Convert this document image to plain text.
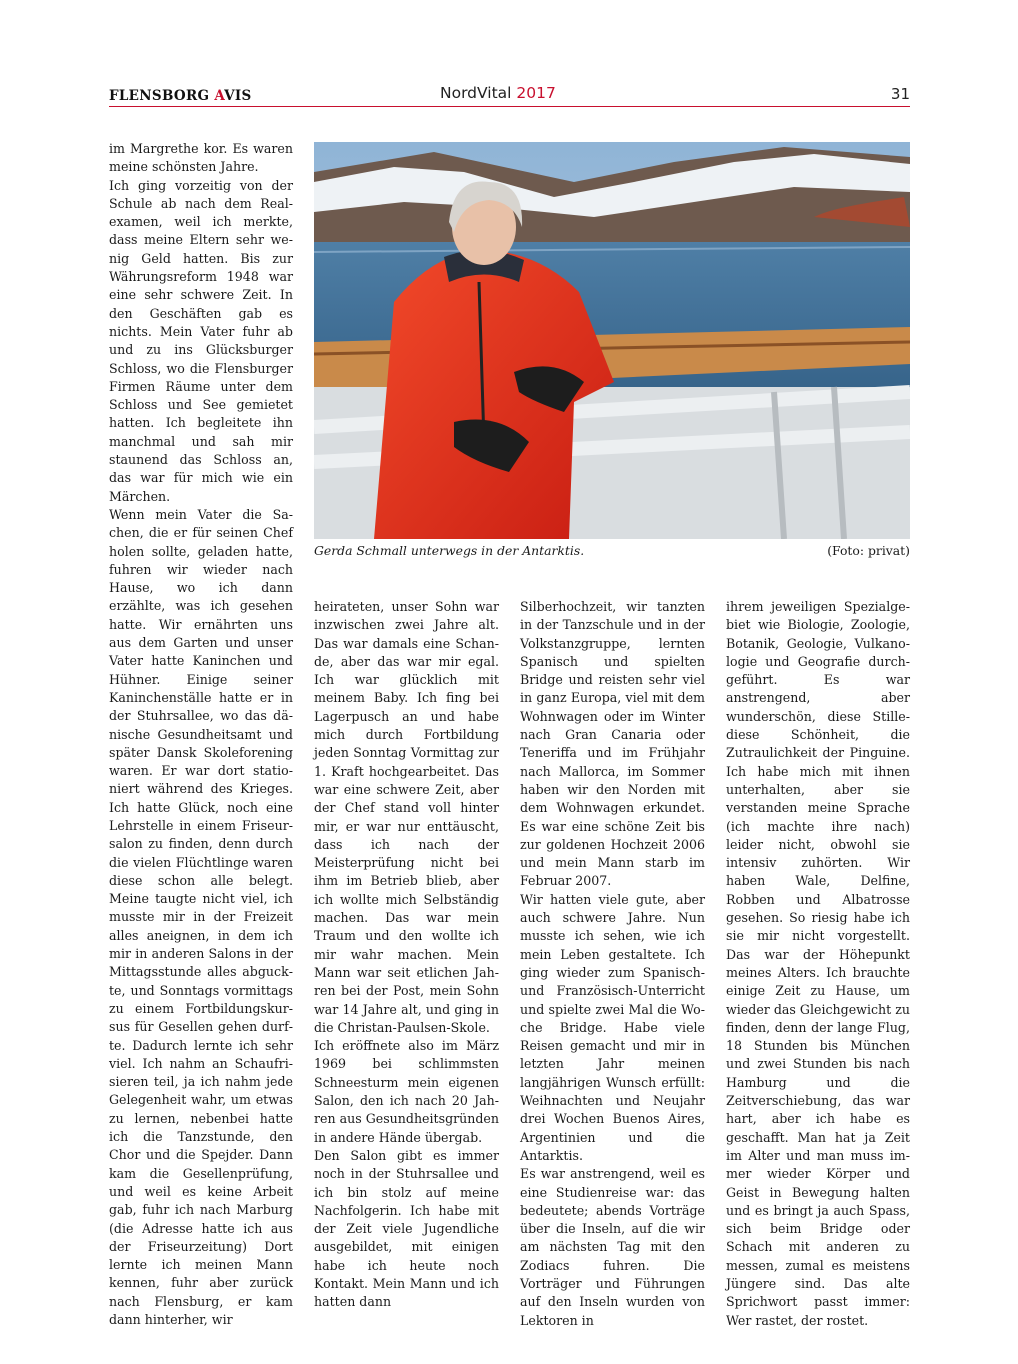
FLENSBORG AVIS	NordVital 2017	31

im Margrethe kor. Es waren meine schönsten Jahre.

Ich ging vorzeitig von der Schule ab nach dem Realexamen, weil ich merkte, dass meine Eltern sehr wenig Geld hatten. Bis zur Währungsreform 1948 war eine sehr schwere Zeit. In den Geschäften gab es nichts. Mein Vater fuhr ab und zu ins Glücksburger Schloss, wo die Flensburger Firmen Räume unter dem Schloss und See gemietet hatten. Ich begleitete ihn manchmal und sah mir staunend das Schloss an, das war für mich wie ein Märchen.

Wenn mein Vater die Sachen, die er für seinen Chef holen sollte, geladen hatte, fuhren wir wieder nach Hause, wo ich dann erzählte, was ich gesehen hatte. Wir ernährten uns aus dem Garten und unser Vater hatte Kaninchen und Hühner. Einige seiner Kaninchenställe hatte er in der Stuhrsallee, wo das dänische Gesundheitsamt und später Dansk Skoleforening waren. Er war dort stationiert während des Krieges. Ich hatte Glück, noch eine Lehrstelle in einem Friseursalon zu finden, denn durch die vielen Flüchtlinge waren diese schon alle belegt. Meine taugte nicht viel, ich musste mir in der Freizeit alles aneignen, in dem ich mir in anderen Salons in der Mittagsstunde alles abguckte, und Sonntags vormittags zu einem Fortbildungskursus für Gesellen gehen durfte. Dadurch lernte ich sehr viel. Ich nahm an Schaufrisieren teil, ja ich nahm jede Gelegenheit wahr, um etwas zu lernen, nebenbei hatte ich die Tanzstunde, den Chor und die Spejder. Dann kam die Gesellenprüfung, und weil es keine Arbeit gab, fuhr ich nach Marburg (die Adresse hatte ich aus der Friseurzeitung) Dort lernte ich meinen Mann kennen, fuhr aber zurück nach Flensburg, er kam dann hinterher, wir

Gerda Schmall unterwegs in der Antarktis.	(Foto: privat)

heirateten, unser Sohn war inzwischen zwei Jahre alt. Das war damals eine Schande, aber das war mir egal. Ich war glücklich mit meinem Baby. Ich fing bei Lagerpusch an und habe mich durch Fortbildung jeden Sonntag Vormittag zur 1. Kraft hochgearbeitet. Das war eine schwere Zeit, aber der Chef stand voll hinter mir, er war nur enttäuscht, dass ich nach der Meisterprüfung nicht bei ihm im Betrieb blieb, aber ich wollte mich Selbständig machen. Das war mein Traum und den wollte ich mir wahr machen. Mein Mann war seit etlichen Jahren bei der Post, mein Sohn war 14 Jahre alt, und ging in die Christan-Paulsen-Skole.

Ich eröffnete also im März 1969 bei schlimmsten Schneesturm mein eigenen Salon, den ich nach 20 Jahren aus Gesundheitsgründen in andere Hände übergab.

Den Salon gibt es immer noch in der Stuhrsallee und ich bin stolz auf meine Nachfolgerin. Ich habe mit der Zeit viele Jugendliche ausgebildet, mit einigen habe ich heute noch Kontakt. Mein Mann und ich hatten dann

Silberhochzeit, wir tanzten in der Tanzschule und in der Volkstanzgruppe, lernten Spanisch und spielten Bridge und reisten sehr viel in ganz Europa, viel mit dem Wohnwagen oder im Winter nach Gran Canaria oder Teneriffa und im Frühjahr nach Mallorca, im Sommer haben wir den Norden mit dem Wohnwagen erkundet. Es war eine schöne Zeit bis zur goldenen Hochzeit 2006 und mein Mann starb im Februar 2007.

Wir hatten viele gute, aber auch schwere Jahre. Nun musste ich sehen, wie ich mein Leben gestaltete. Ich ging wieder zum Spanisch- und Französisch-Unterricht und spielte zwei Mal die Woche Bridge. Habe viele Reisen gemacht und mir in letzten Jahr meinen langjährigen Wunsch erfüllt: Weihnachten und Neujahr drei Wochen Buenos Aires, Argentinien und die Antarktis.

Es war anstrengend, weil es eine Studienreise war: das bedeutete; abends Vorträge über die Inseln, auf die wir am nächsten Tag mit den Zodiacs fuhren. Die Vorträger und Führungen auf den Inseln wurden von Lektoren in

ihrem jeweiligen Spezialgebiet wie Biologie, Zoologie, Botanik, Geologie, Vulkanologie und Geografie durchgeführt. Es war anstrengend, aber wunderschön, diese Stille- diese Schönheit, die Zutraulichkeit der Pinguine. Ich habe mich mit ihnen unterhalten, aber sie verstanden meine Sprache (ich machte ihre nach) leider nicht, obwohl sie intensiv zuhörten. Wir haben Wale, Delfine, Robben und Albatrosse gesehen. So riesig habe ich sie mir nicht vorgestellt. Das war der Höhepunkt meines Alters. Ich brauchte einige Zeit zu Hause, um wieder das Gleichgewicht zu finden, denn der lange Flug, 18 Stunden bis München und zwei Stunden bis nach Hamburg und die Zeitverschiebung, das war hart, aber ich habe es geschafft. Man hat ja Zeit im Alter und man muss immer wieder Körper und Geist in Bewegung halten und es bringt ja auch Spass, sich beim Bridge oder Schach mit anderen zu messen, zumal es meistens Jüngere sind. Das alte Sprichwort passt immer: Wer rastet, der rostet.
